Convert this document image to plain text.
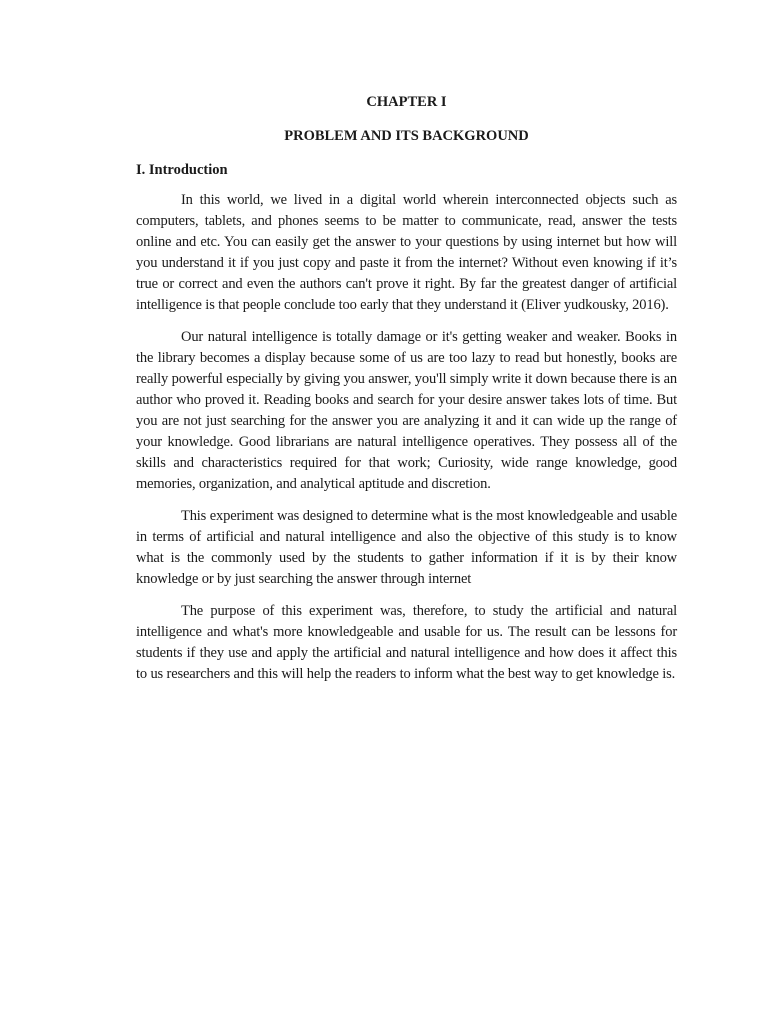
CHAPTER I
PROBLEM AND ITS BACKGROUND
I. Introduction

In this world, we lived in a digital world wherein interconnected objects such as computers, tablets, and phones seems to be matter to communicate, read, answer the tests online and etc. You can easily get the answer to your questions by using internet but how will you understand it if you just copy and paste it from the internet? Without even knowing if it’s true or correct and even the authors can't prove it right. By far the greatest danger of artificial intelligence is that people conclude too early that they understand it (Eliver yudkousky, 2016).

Our natural intelligence is totally damage or it's getting weaker and weaker. Books in the library becomes a display because some of us are too lazy to read but honestly, books are really powerful especially by giving you answer, you'll simply write it down because there is an author who proved it. Reading books and search for your desire answer takes lots of time. But you are not just searching for the answer you are analyzing it and it can wide up the range of your knowledge. Good librarians are natural intelligence operatives. They possess all of the skills and characteristics required for that work; Curiosity, wide range knowledge, good memories, organization, and analytical aptitude and discretion.

This experiment was designed to determine what is the most knowledgeable and usable in terms of artificial and natural intelligence and also the objective of this study is to know what is the commonly used by the students to gather information if it is by their know knowledge or by just searching the answer through internet

The purpose of this experiment was, therefore, to study the artificial and natural intelligence and what's more knowledgeable and usable for us. The result can be lessons for students if they use and apply the artificial and natural intelligence and how does it affect this to us researchers and this will help the readers to inform what the best way to get knowledge is.
